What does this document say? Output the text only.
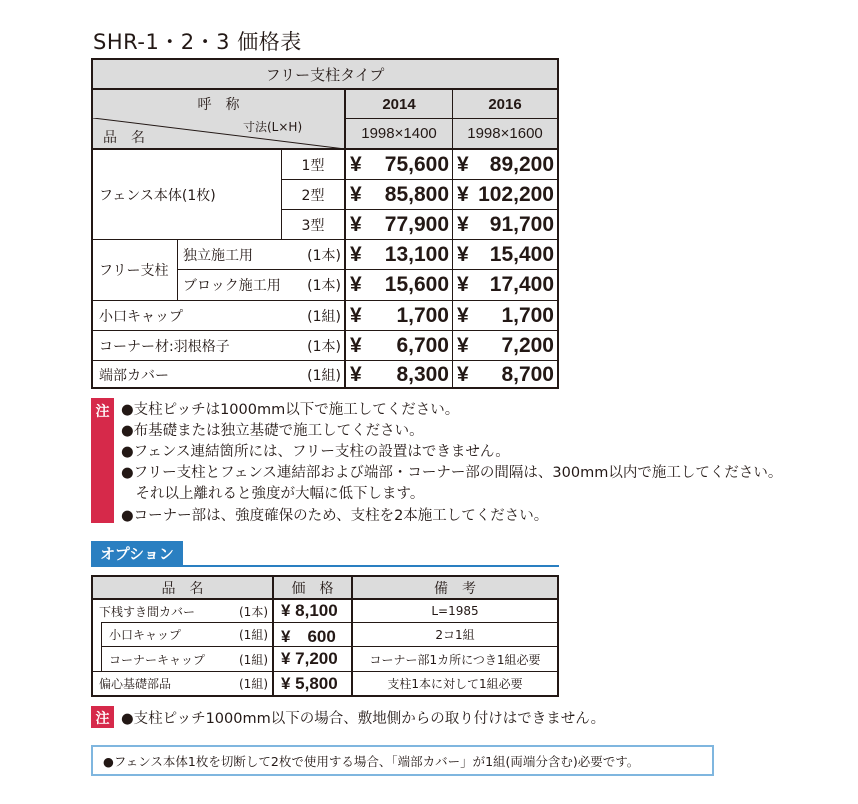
SHR-1・2・3 価格表
フリー支柱タイプ
呼　称
寸法(L×H)
品　名
2014	2016
1998×1400	1998×1600
フェンス本体(1枚)
1型	¥ 75,600 ¥ 89,200
2型	¥ 85,800 ¥ 102,200
3型	¥ 77,900 ¥ 91,700
フリー支柱
独立施工用	(1本) ¥ 13,100 ¥ 15,400
ブロック施工用	(1本) ¥ 15,600 ¥ 17,400
小口キャップ	(1組) ¥ 1,700 ¥ 1,700
コーナー材:羽根格子	(1本) ¥ 6,700 ¥ 7,200
端部カバー	(1組) ¥ 8,300 ¥ 8,700
注 ●支柱ピッチは1000mm以下で施工してください。
●布基礎または独立基礎で施工してください。
●フェンス連結箇所には、フリー支柱の設置はできません。
●フリー支柱とフェンス連結部および端部・コーナー部の間隔は、300mm以内で施工してください。
　それ以上離れると強度が大幅に低下します。
●コーナー部は、強度確保のため、支柱を2本施工してください。
オプション
品　名	価　格	備　考
下桟すき間カバー	(1本) ¥ 8,100	L=1985
小口キャップ	(1組) ¥　600	2コ1組
コーナーキャップ	(1組) ¥ 7,200	コーナー部1カ所につき1組必要
偏心基礎部品	(1組) ¥ 5,800	支柱1本に対して1組必要
注 ●支柱ピッチ1000mm以下の場合、敷地側からの取り付けはできません。
●フェンス本体1枚を切断して2枚で使用する場合、「端部カバー」が1組(両端分含む)必要です。
